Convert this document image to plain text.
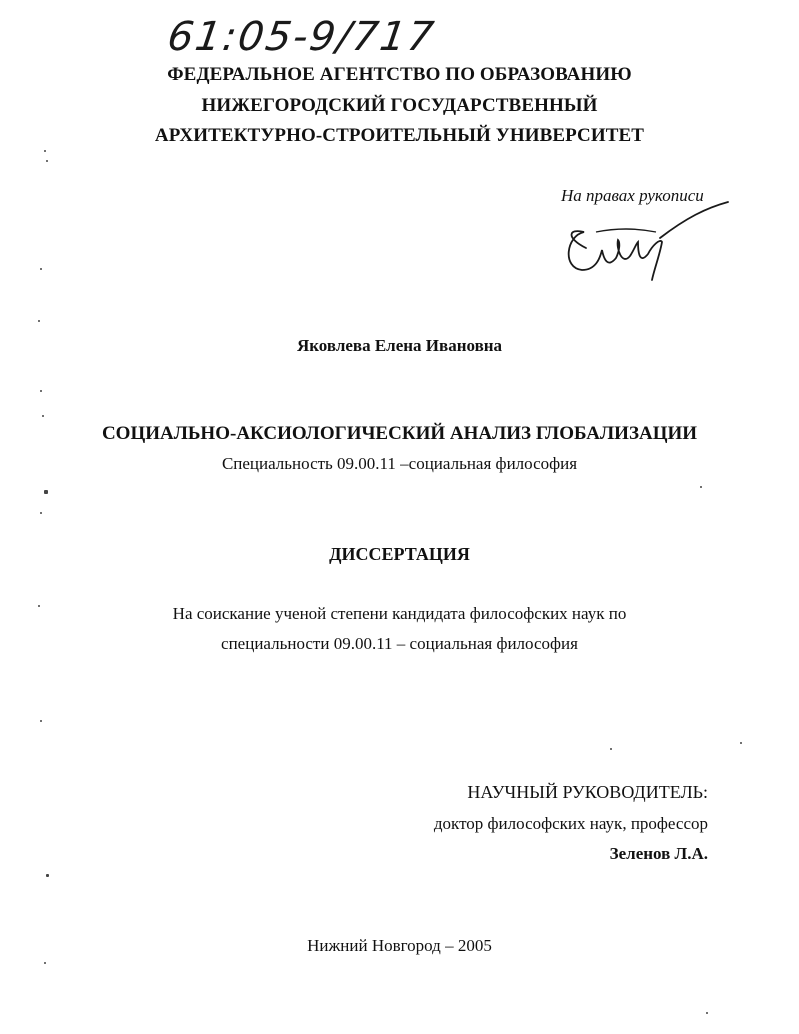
61:05-9/717
ФЕДЕРАЛЬНОЕ АГЕНТСТВО ПО ОБРАЗОВАНИЮ
НИЖЕГОРОДСКИЙ ГОСУДАРСТВЕННЫЙ
АРХИТЕКТУРНО-СТРОИТЕЛЬНЫЙ УНИВЕРСИТЕТ
На правах рукописи
Яковлева Елена Ивановна
СОЦИАЛЬНО-АКСИОЛОГИЧЕСКИЙ АНАЛИЗ ГЛОБАЛИЗАЦИИ
Специальность 09.00.11 –социальная философия
ДИССЕРТАЦИЯ
На соискание ученой степени кандидата философских наук по
специальности 09.00.11 – социальная философия
НАУЧНЫЙ РУКОВОДИТЕЛЬ:
доктор философских наук, профессор
Зеленов Л.А.
Нижний Новгород – 2005
